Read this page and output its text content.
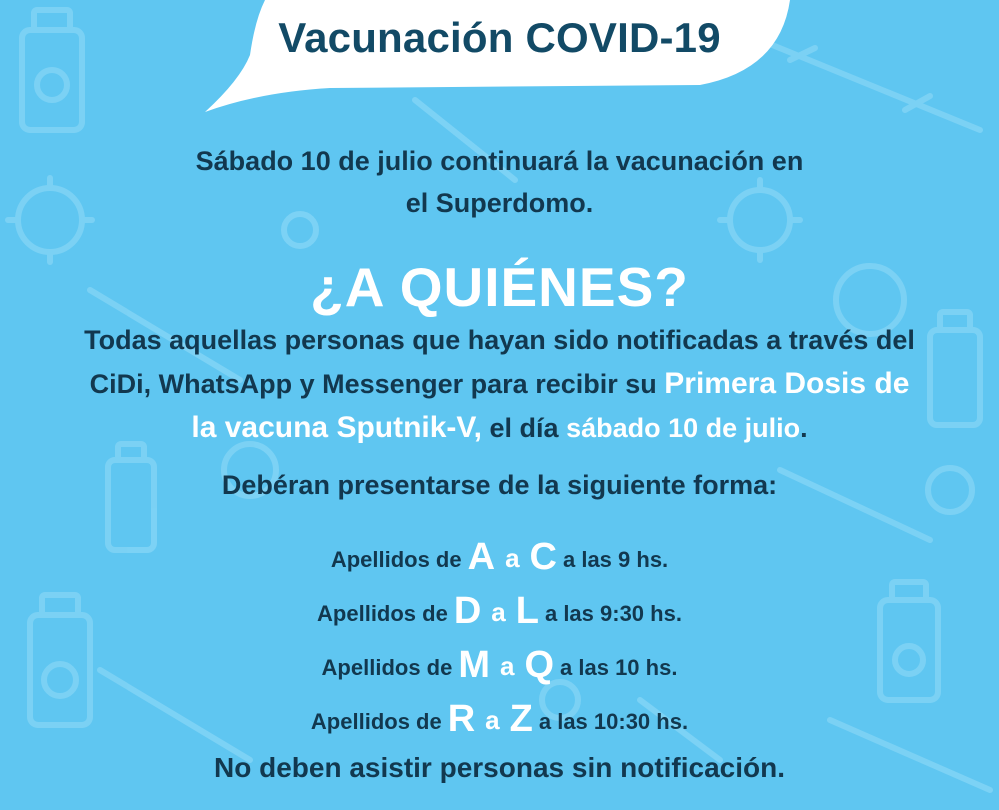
Vacunación COVID-19
Sábado 10 de julio continuará la vacunación en
el Superdomo.
¿A QUIÉNES?
Todas aquellas personas que hayan sido notificadas a través del
CiDi, WhatsApp y Messenger para recibir su Primera Dosis de
la vacuna Sputnik-V, el día sábado 10 de julio.
Debéran presentarse de la siguiente forma:
Apellidos de A a C a las 9 hs.
Apellidos de D a L a las 9:30 hs.
Apellidos de M a Q a las 10 hs.
Apellidos de R a Z a las 10:30 hs.
No deben asistir personas sin notificación.
